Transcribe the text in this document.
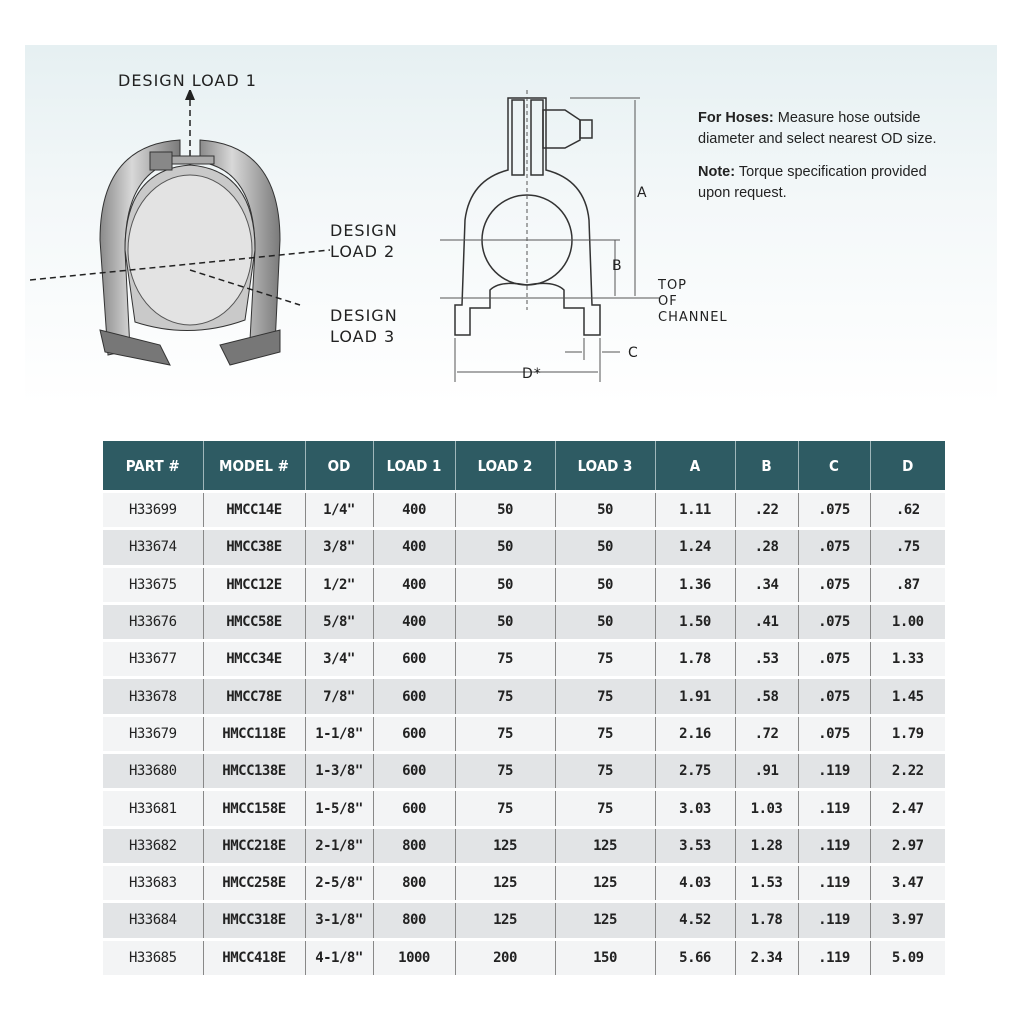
DESIGN LOAD 1
DESIGN
LOAD 2
DESIGN
LOAD 3
A
B
C
D*
TOP
OF
CHANNEL

For Hoses: Measure hose outside diameter and select nearest OD size.

Note: Torque specification provided upon request.

PART #	MODEL #	OD	LOAD 1	LOAD 2	LOAD 3	A	B	C	D
H33699	HMCC14E	1/4"	400	50	50	1.11	.22	.075	.62
H33674	HMCC38E	3/8"	400	50	50	1.24	.28	.075	.75
H33675	HMCC12E	1/2"	400	50	50	1.36	.34	.075	.87
H33676	HMCC58E	5/8"	400	50	50	1.50	.41	.075	1.00
H33677	HMCC34E	3/4"	600	75	75	1.78	.53	.075	1.33
H33678	HMCC78E	7/8"	600	75	75	1.91	.58	.075	1.45
H33679	HMCC118E	1-1/8"	600	75	75	2.16	.72	.075	1.79
H33680	HMCC138E	1-3/8"	600	75	75	2.75	.91	.119	2.22
H33681	HMCC158E	1-5/8"	600	75	75	3.03	1.03	.119	2.47
H33682	HMCC218E	2-1/8"	800	125	125	3.53	1.28	.119	2.97
H33683	HMCC258E	2-5/8"	800	125	125	4.03	1.53	.119	3.47
H33684	HMCC318E	3-1/8"	800	125	125	4.52	1.78	.119	3.97
H33685	HMCC418E	4-1/8"	1000	200	150	5.66	2.34	.119	5.09
